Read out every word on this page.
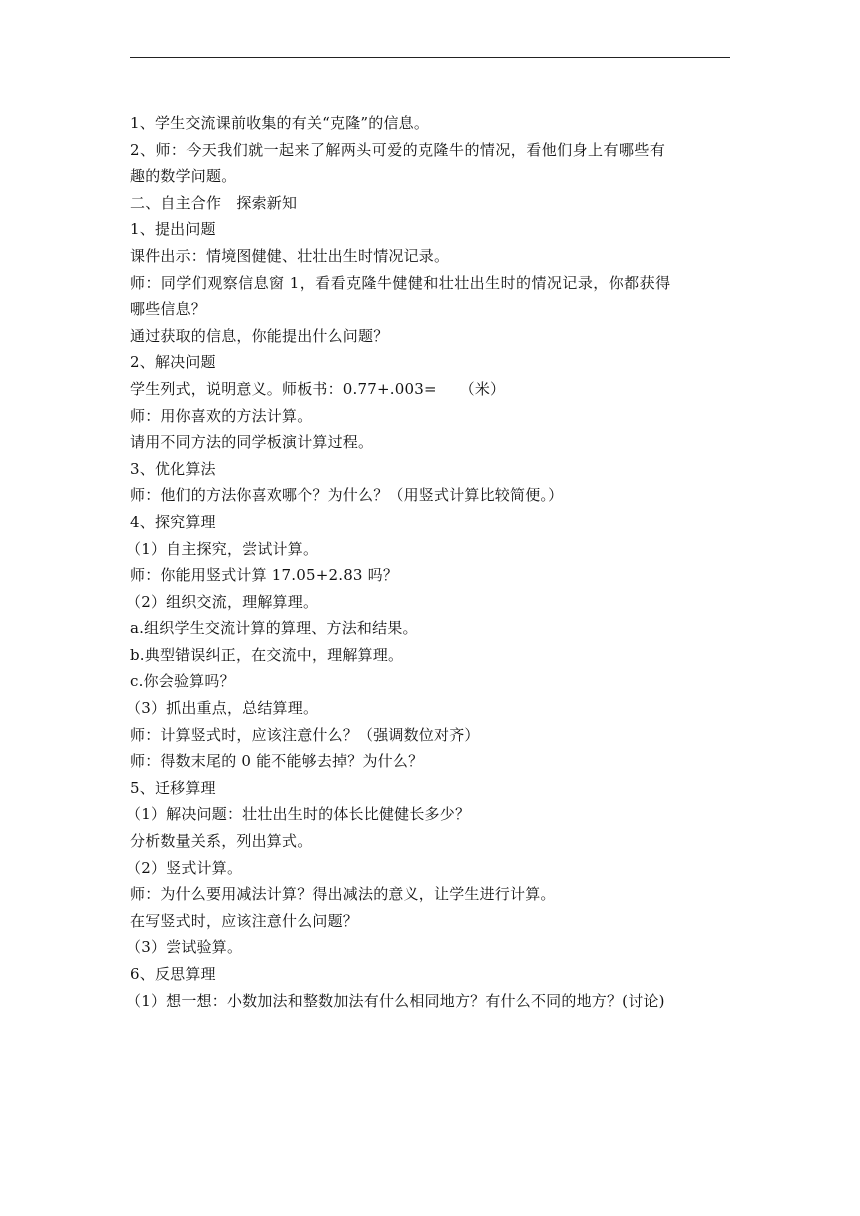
1、学生交流课前收集的有关“克隆”的信息。
2、师：今天我们就一起来了解两头可爱的克隆牛的情况，看他们身上有哪些有
趣的数学问题。
二、自主合作　探索新知
1、提出问题
课件出示：情境图健健、壮壮出生时情况记录。
师：同学们观察信息窗 1，看看克隆牛健健和壮壮出生时的情况记录，你都获得
哪些信息？
通过获取的信息，你能提出什么问题？
2、解决问题
学生列式，说明意义。师板书：0.77+.003=　　（米）
师：用你喜欢的方法计算。
请用不同方法的同学板演计算过程。
3、优化算法
师：他们的方法你喜欢哪个？为什么？（用竖式计算比较简便。）
4、探究算理
（1）自主探究，尝试计算。
师：你能用竖式计算 17.05+2.83 吗？
（2）组织交流，理解算理。
a.组织学生交流计算的算理、方法和结果。
b.典型错误纠正，在交流中，理解算理。
c.你会验算吗？
（3）抓出重点，总结算理。
师：计算竖式时，应该注意什么？（强调数位对齐）
师：得数末尾的 0 能不能够去掉？为什么？
5、迁移算理
（1）解决问题：壮壮出生时的体长比健健长多少？
分析数量关系，列出算式。
（2）竖式计算。
师：为什么要用减法计算？得出减法的意义，让学生进行计算。
在写竖式时，应该注意什么问题？
（3）尝试验算。
6、反思算理
（1）想一想：小数加法和整数加法有什么相同地方？有什么不同的地方？(讨论)
